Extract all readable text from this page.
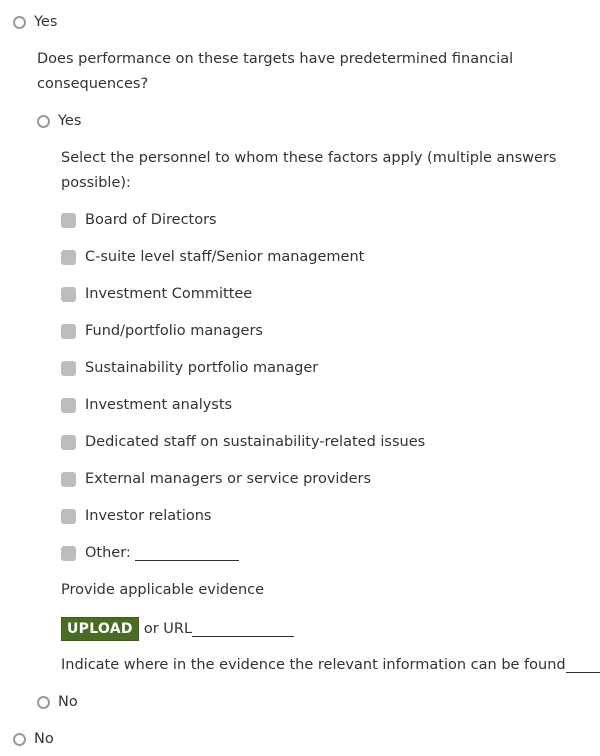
Yes
Does performance on these targets have predetermined financial consequences?
Yes
Select the personnel to whom these factors apply (multiple answers possible):
Board of Directors
C-suite level staff/Senior management
Investment Committee
Fund/portfolio managers
Sustainability portfolio manager
Investment analysts
Dedicated staff on sustainability-related issues
External managers or service providers
Investor relations
Other:
Provide applicable evidence
UPLOAD or URL
Indicate where in the evidence the relevant information can be found
No
No
